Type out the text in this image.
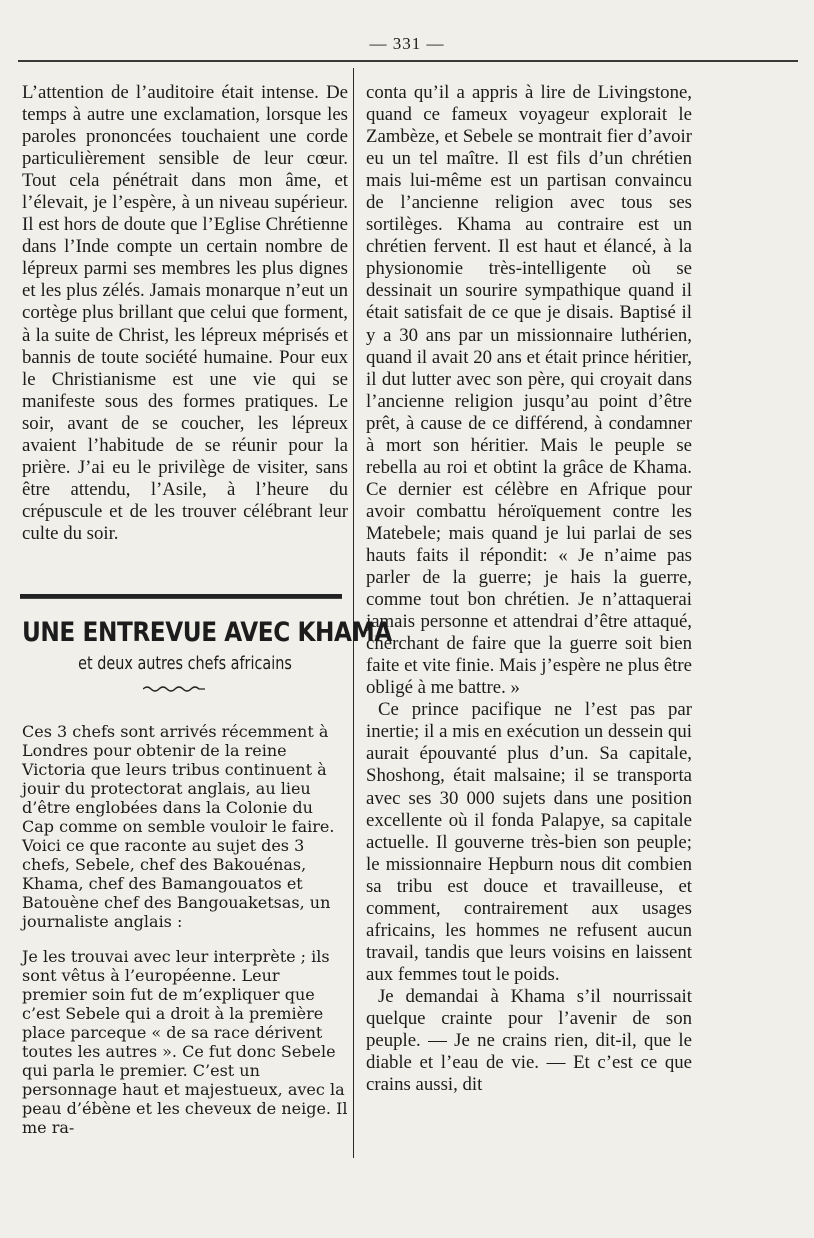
— 331 —

L’attention de l’auditoire était intense. De temps à autre une exclamation, lorsque les paroles prononcées touchaient une corde particulièrement sensible de leur cœur. Tout cela pénétrait dans mon âme, et l’élevait, je l’espère, à un niveau supérieur. Il est hors de doute que l’Eglise Chrétienne dans l’Inde compte un certain nombre de lépreux parmi ses membres les plus dignes et les plus zélés. Jamais monarque n’eut un cortège plus brillant que celui que forment, à la suite de Christ, les lépreux méprisés et bannis de toute société humaine. Pour eux le Christianisme est une vie qui se manifeste sous des formes pratiques. Le soir, avant de se coucher, les lépreux avaient l’habitude de se réunir pour la prière. J’ai eu le privilège de visiter, sans être attendu, l’Asile, à l’heure du crépuscule et de les trouver célébrant leur culte du soir.

UNE ENTREVUE AVEC KHAMA
et deux autres chefs africains

Ces 3 chefs sont arrivés récemment à Londres pour obtenir de la reine Victoria que leurs tribus continuent à jouir du protectorat anglais, au lieu d’être englobées dans la Colonie du Cap comme on semble vouloir le faire. Voici ce que raconte au sujet des 3 chefs, Sebele, chef des Bakouénas, Khama, chef des Bamangouatos et Batouène chef des Bangouaketsas, un journaliste anglais :

Je les trouvai avec leur interprète ; ils sont vêtus à l’européenne. Leur premier soin fut de m’expliquer que c’est Sebele qui a droit à la première place parceque « de sa race dérivent toutes les autres ». Ce fut donc Sebele qui parla le premier. C’est un personnage haut et majestueux, avec la peau d’ébène et les cheveux de neige. Il me ra-

conta qu’il a appris à lire de Livingstone, quand ce fameux voyageur explorait le Zambèze, et Sebele se montrait fier d’avoir eu un tel maître. Il est fils d’un chrétien mais lui-même est un partisan convaincu de l’ancienne religion avec tous ses sortilèges. Khama au contraire est un chrétien fervent. Il est haut et élancé, à la physionomie très-intelligente où se dessinait un sourire sympathique quand il était satisfait de ce que je disais. Baptisé il y a 30 ans par un missionnaire luthérien, quand il avait 20 ans et était prince héritier, il dut lutter avec son père, qui croyait dans l’ancienne religion jusqu’au point d’être prêt, à cause de ce différend, à condamner à mort son héritier. Mais le peuple se rebella au roi et obtint la grâce de Khama. Ce dernier est célèbre en Afrique pour avoir combattu héroïquement contre les Matebele; mais quand je lui parlai de ses hauts faits il répondit: « Je n’aime pas parler de la guerre; je hais la guerre, comme tout bon chrétien. Je n’attaquerai jamais personne et attendrai d’être attaqué, cherchant de faire que la guerre soit bien faite et vite finie. Mais j’espère ne plus être obligé à me battre. »

Ce prince pacifique ne l’est pas par inertie; il a mis en exécution un dessein qui aurait épouvanté plus d’un. Sa capitale, Shoshong, était malsaine; il se transporta avec ses 30 000 sujets dans une position excellente où il fonda Palapye, sa capitale actuelle. Il gouverne très-bien son peuple; le missionnaire Hepburn nous dit combien sa tribu est douce et travailleuse, et comment, contrairement aux usages africains, les hommes ne refusent aucun travail, tandis que leurs voisins en laissent aux femmes tout le poids.

Je demandai à Khama s’il nourrissait quelque crainte pour l’avenir de son peuple. — Je ne crains rien, dit-il, que le diable et l’eau de vie. — Et c’est ce que crains aussi, dit
